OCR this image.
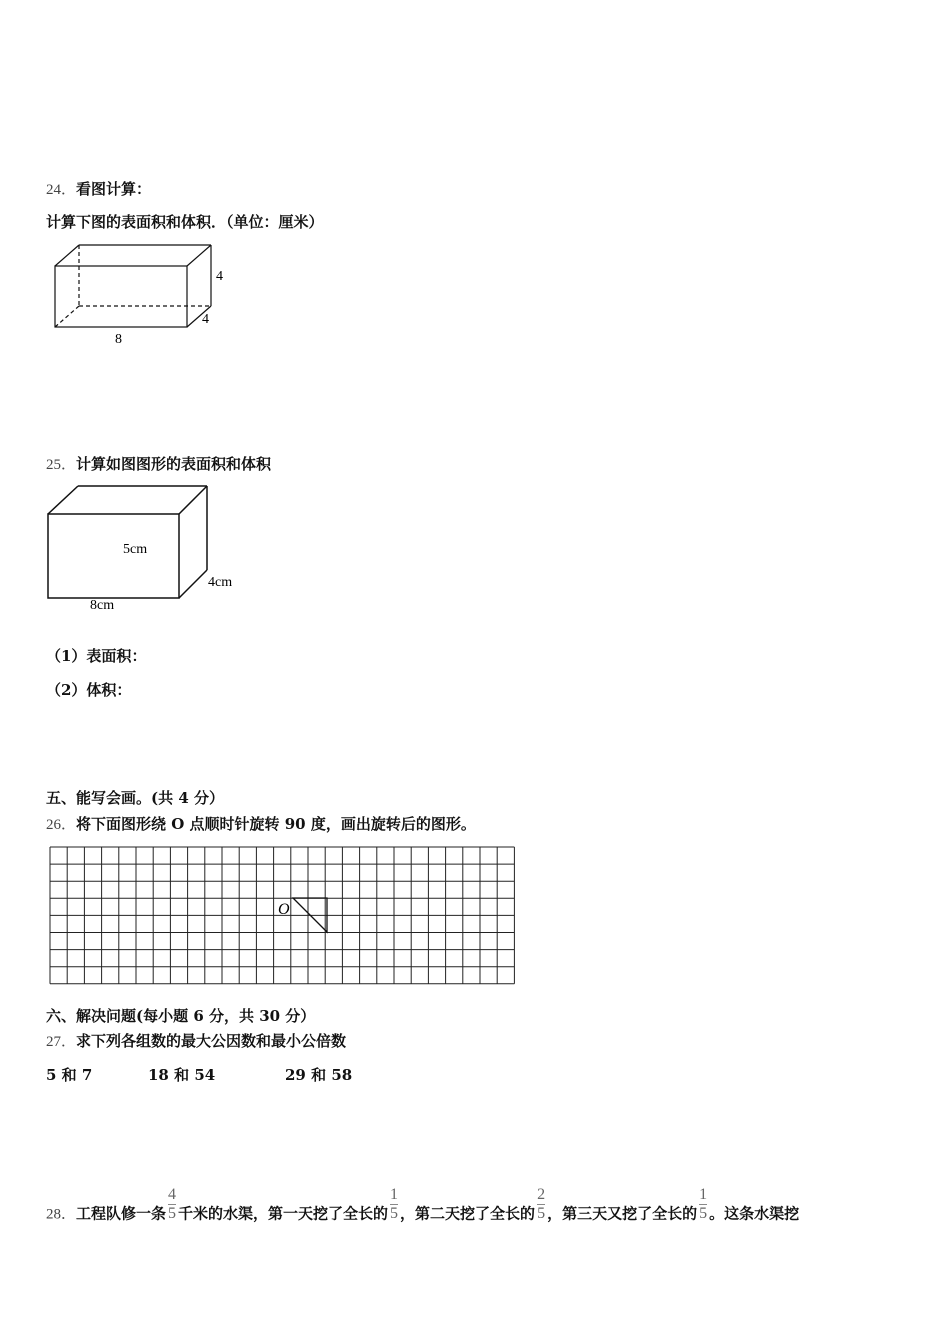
24．看图计算：
计算下图的表面积和体积．（单位：厘米）
4
4
8
25．计算如图图形的表面积和体积
5cm
4cm
8cm
（1）表面积：
（2）体积：
五、能写会画。(共 4 分）
26．将下面图形绕 O 点顺时针旋转 90 度，画出旋转后的图形。
O
六、解决问题(每小题 6 分，共 30 分）
27．求下列各组数的最大公因数和最小公倍数
5 和 7	18 和 54	29 和 58
28．工程队修一条 $\frac{4}{5}$ 千米的水渠，第一天挖了全长的 $\frac{1}{5}$ ，第二天挖了全长的 $\frac{2}{5}$ ，第三天又挖了全长的 $\frac{1}{5}$ 。这条水渠挖
